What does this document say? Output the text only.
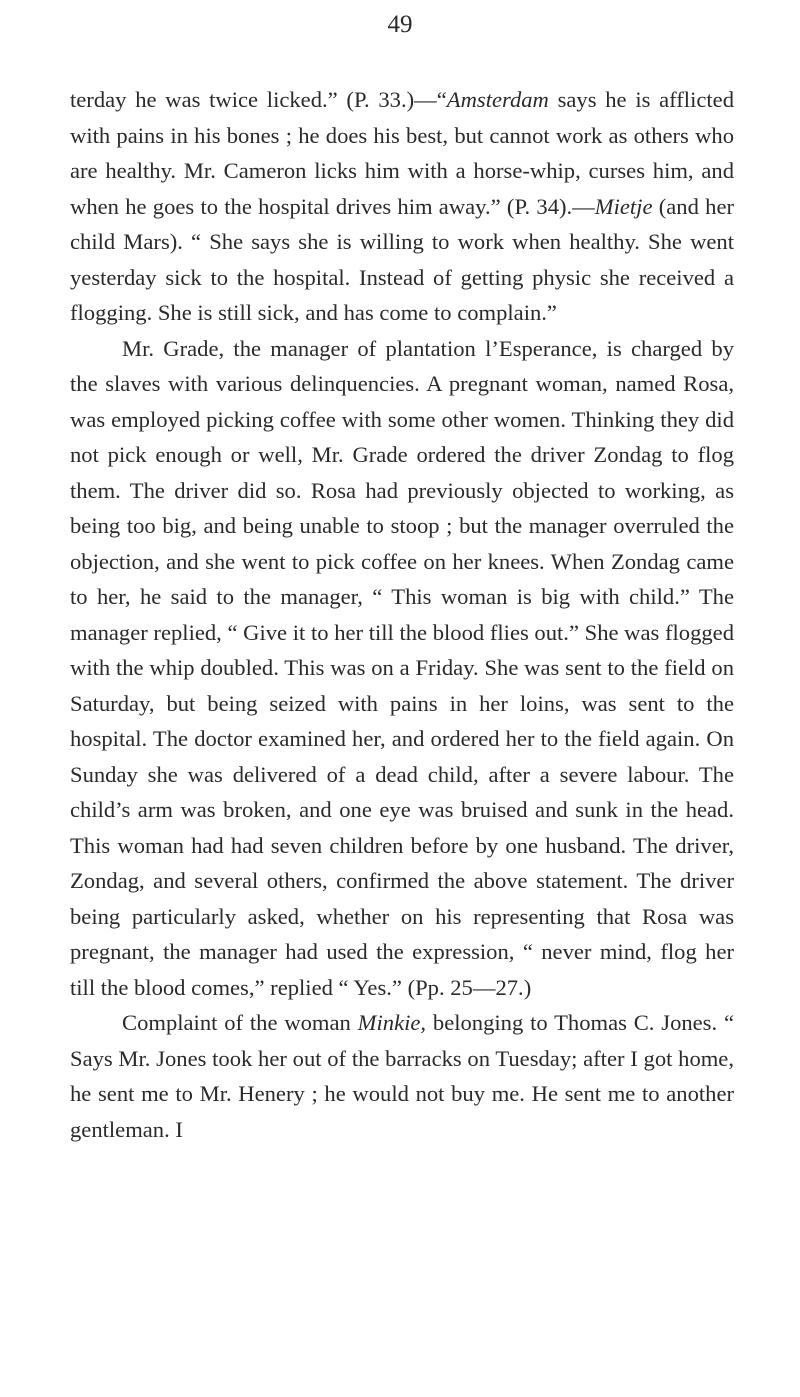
49

terday he was twice licked.” (P. 33.)—“Amsterdam says he is afflicted with pains in his bones ; he does his best, but cannot work as others who are healthy. Mr. Cameron licks him with a horse-whip, curses him, and when he goes to the hospital drives him away.” (P. 34).—Mietje (and her child Mars). “ She says she is willing to work when healthy. She went yesterday sick to the hospital. Instead of getting physic she received a flogging. She is still sick, and has come to complain.”

Mr. Grade, the manager of plantation l’Esperance, is charged by the slaves with various delinquencies. A pregnant woman, named Rosa, was employed picking coffee with some other women. Thinking they did not pick enough or well, Mr. Grade ordered the driver Zondag to flog them. The driver did so. Rosa had previously objected to working, as being too big, and being unable to stoop ; but the manager overruled the objection, and she went to pick coffee on her knees. When Zondag came to her, he said to the manager, “ This woman is big with child.” The manager replied, “ Give it to her till the blood flies out.” She was flogged with the whip doubled. This was on a Friday. She was sent to the field on Saturday, but being seized with pains in her loins, was sent to the hospital. The doctor examined her, and ordered her to the field again. On Sunday she was delivered of a dead child, after a severe labour. The child’s arm was broken, and one eye was bruised and sunk in the head. This woman had had seven children before by one husband. The driver, Zondag, and several others, confirmed the above statement. The driver being particularly asked, whether on his representing that Rosa was pregnant, the manager had used the expression, “ never mind, flog her till the blood comes,” replied “ Yes.” (Pp. 25—27.)

Complaint of the woman Minkie, belonging to Thomas C. Jones. “ Says Mr. Jones took her out of the barracks on Tuesday; after I got home, he sent me to Mr. Henery ; he would not buy me. He sent me to another gentleman. I
